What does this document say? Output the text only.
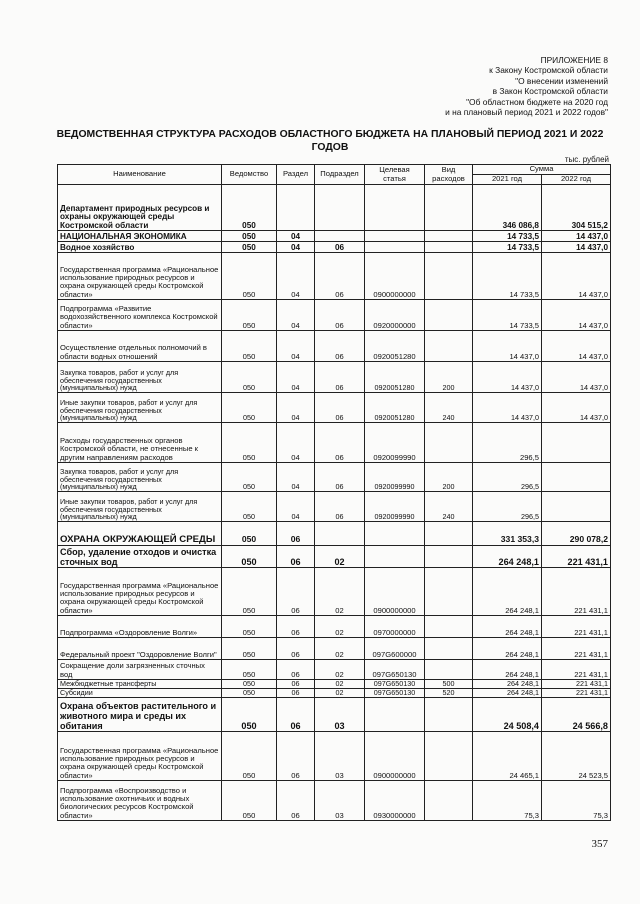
ПРИЛОЖЕНИЕ 8
к Закону Костромской области
"О внесении изменений
в Закон Костромской области
"Об областном бюджете на 2020 год
и на плановый период 2021 и 2022 годов"
ВЕДОМСТВЕННАЯ СТРУКТУРА РАСХОДОВ ОБЛАСТНОГО БЮДЖЕТА НА ПЛАНОВЫЙ ПЕРИОД 2021 И 2022 ГОДОВ
тыс. рублей
Наименование	Ведомство	Раздел	Подраздел	Целевая статья	Вид расходов	Сумма	
						2021 год	2022 год
Департамент природных ресурсов и охраны окружающей среды Костромской области	050					346 086,8	304 515,2
НАЦИОНАЛЬНАЯ ЭКОНОМИКА	050	04				14 733,5	14 437,0
Водное хозяйство	050	04	06			14 733,5	14 437,0
Государственная программа «Рациональное использование природных ресурсов и охрана окружающей среды Костромской области»	050	04	06	0900000000		14 733,5	14 437,0
Подпрограмма «Развитие водохозяйственного комплекса Костромской области»	050	04	06	0920000000		14 733,5	14 437,0
Осуществление отдельных полномочий в области водных отношений	050	04	06	0920051280		14 437,0	14 437,0
Закупка товаров, работ и услуг для обеспечения государственных (муниципальных) нужд	050	04	06	0920051280	200	14 437,0	14 437,0
Иные закупки товаров, работ и услуг для обеспечения государственных (муниципальных) нужд	050	04	06	0920051280	240	14 437,0	14 437,0
Расходы государственных органов Костромской области, не отнесенные к другим направлениям расходов	050	04	06	0920099990		296,5	
Закупка товаров, работ и услуг для обеспечения государственных (муниципальных) нужд	050	04	06	0920099990	200	296,5	
Иные закупки товаров, работ и услуг для обеспечения государственных (муниципальных) нужд	050	04	06	0920099990	240	296,5	
ОХРАНА ОКРУЖАЮЩЕЙ СРЕДЫ	050	06				331 353,3	290 078,2
Сбор, удаление отходов и очистка сточных вод	050	06	02			264 248,1	221 431,1
Государственная программа «Рациональное использование природных ресурсов и охрана окружающей среды Костромской области»	050	06	02	0900000000		264 248,1	221 431,1
Подпрограмма «Оздоровление Волги»	050	06	02	0970000000		264 248,1	221 431,1
Федеральный проект "Оздоровление Волги"	050	06	02	097G600000		264 248,1	221 431,1
Сокращение доли загрязненных сточных вод	050	06	02	097G650130		264 248,1	221 431,1
Межбюджетные трансферты	050	06	02	097G650130	500	264 248,1	221 431,1
Субсидии	050	06	02	097G650130	520	264 248,1	221 431,1
Охрана объектов растительного и животного мира и среды их обитания	050	06	03			24 508,4	24 566,8
Государственная программа «Рациональное использование природных ресурсов и охрана окружающей среды Костромской области»	050	06	03	0900000000		24 465,1	24 523,5
Подпрограмма «Воспроизводство и использование охотничьих и водных биологических ресурсов Костромской области»	050	06	03	0930000000		75,3	75,3
357
